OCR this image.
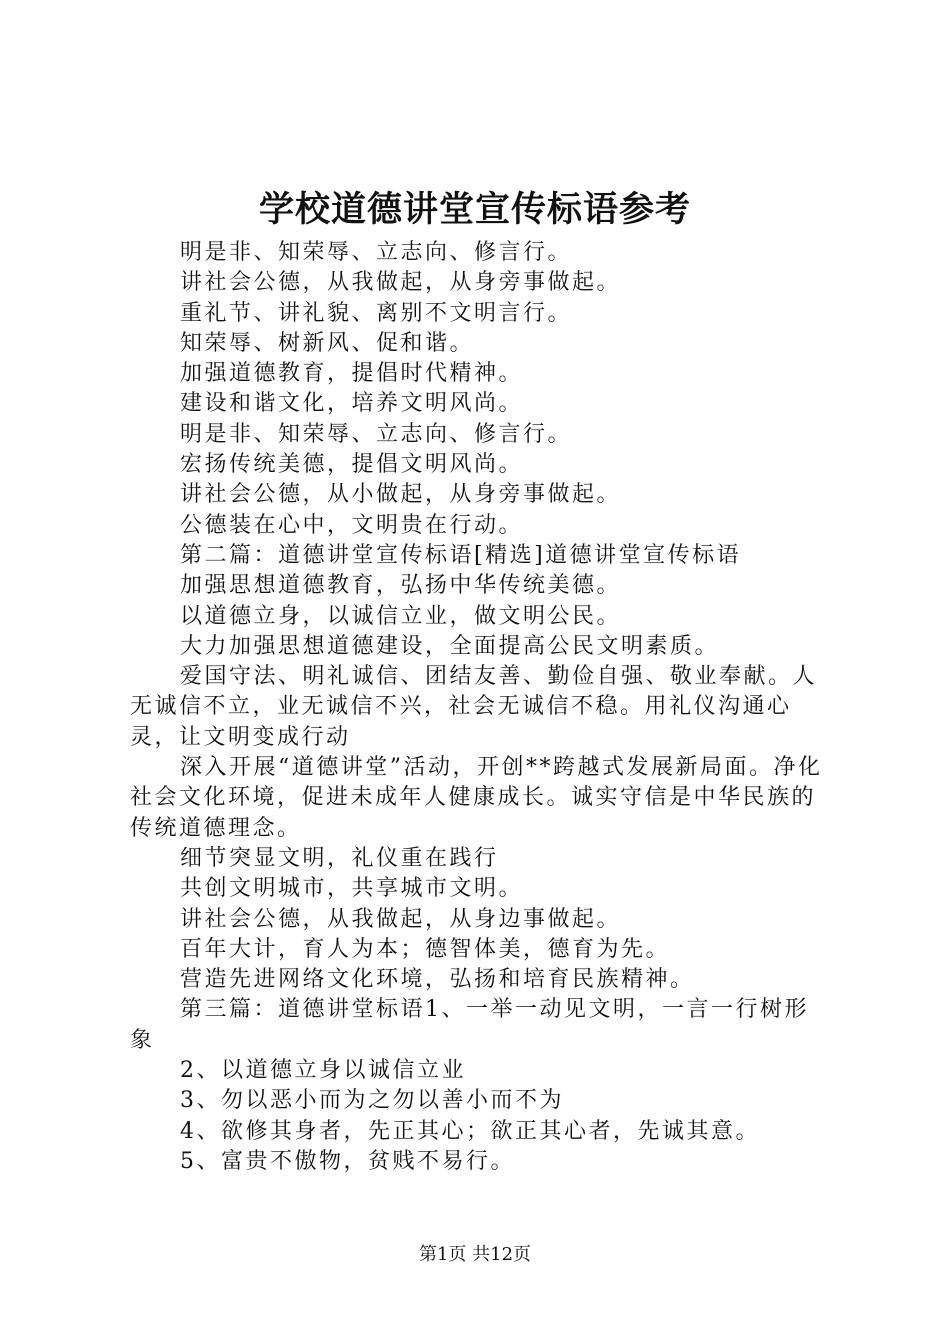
学校道德讲堂宣传标语参考

明是非、知荣辱、立志向、修言行。

讲社会公德，从我做起，从身旁事做起。

重礼节、讲礼貌、离别不文明言行。

知荣辱、树新风、促和谐。

加强道德教育，提倡时代精神。

建设和谐文化，培养文明风尚。

明是非、知荣辱、立志向、修言行。

宏扬传统美德，提倡文明风尚。

讲社会公德，从小做起，从身旁事做起。

公德装在心中，文明贵在行动。

第二篇：道德讲堂宣传标语[精选]道德讲堂宣传标语

加强思想道德教育，弘扬中华传统美德。

以道德立身，以诚信立业，做文明公民。

大力加强思想道德建设，全面提高公民文明素质。

爱国守法、明礼诚信、团结友善、勤俭自强、敬业奉献。人无诚信不立，业无诚信不兴，社会无诚信不稳。用礼仪沟通心灵，让文明变成行动

深入开展“道德讲堂”活动，开创**跨越式发展新局面。净化社会文化环境，促进未成年人健康成长。诚实守信是中华民族的传统道德理念。

细节突显文明，礼仪重在践行

共创文明城市，共享城市文明。

讲社会公德，从我做起，从身边事做起。

百年大计，育人为本；德智体美，德育为先。

营造先进网络文化环境，弘扬和培育民族精神。

第三篇：道德讲堂标语1、一举一动见文明，一言一行树形象

2、以道德立身以诚信立业

3、勿以恶小而为之勿以善小而不为

4、欲修其身者，先正其心；欲正其心者，先诚其意。

5、富贵不傲物，贫贱不易行。

第1页 共12页
